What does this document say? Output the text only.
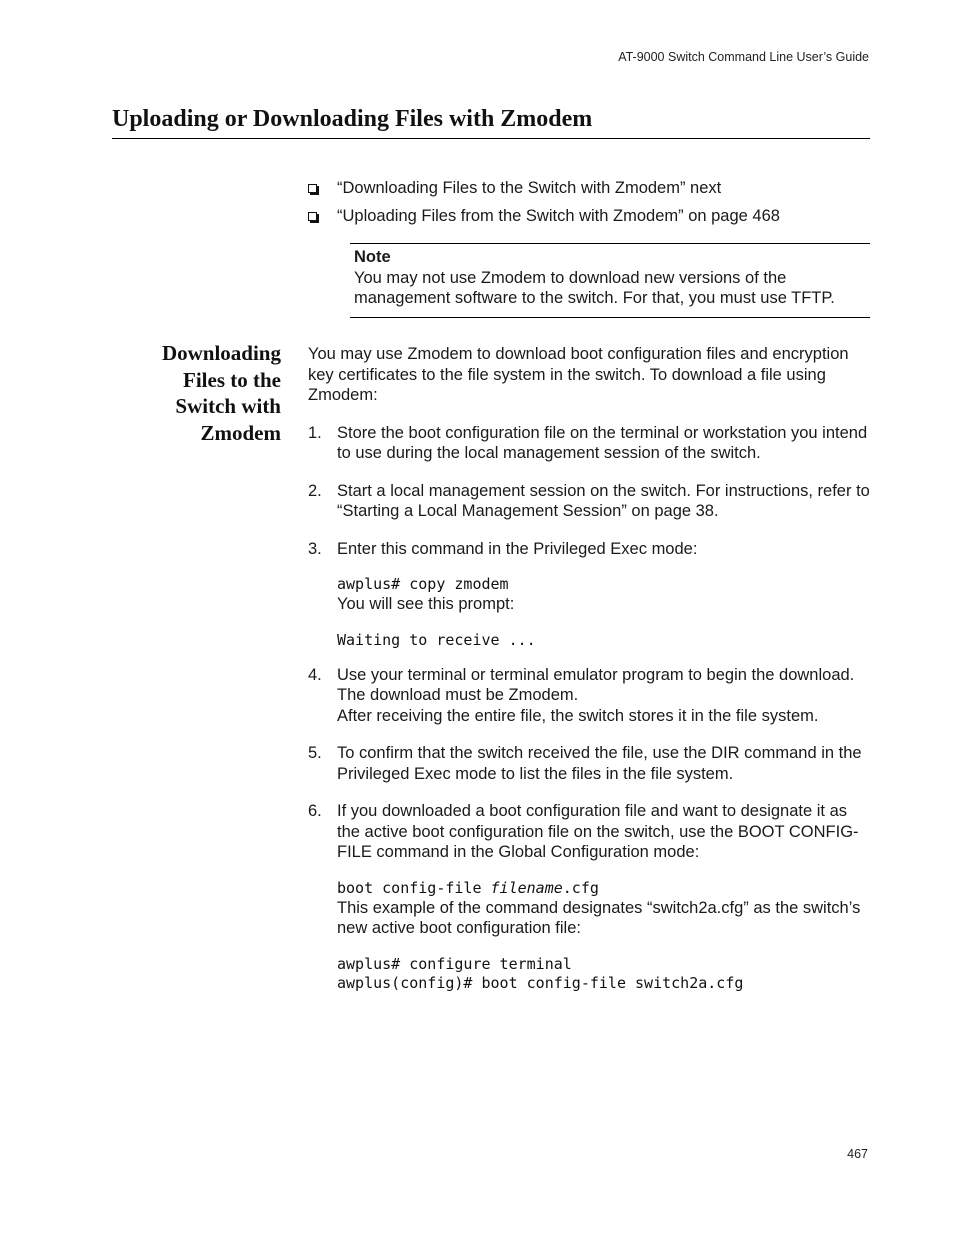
AT-9000 Switch Command Line User’s Guide
Uploading or Downloading Files with Zmodem
“Downloading Files to the Switch with Zmodem” next
“Uploading Files from the Switch with Zmodem” on page 468
Note
You may not use Zmodem to download new versions of the management software to the switch. For that, you must use TFTP.
Downloading
Files to the
Switch with
Zmodem

You may use Zmodem to download boot configuration files and encryption key certificates to the file system in the switch. To download a file using Zmodem:

1. Store the boot configuration file on the terminal or workstation you intend to use during the local management session of the switch.

2. Start a local management session on the switch. For instructions, refer to “Starting a Local Management Session” on page 38.

3. Enter this command in the Privileged Exec mode:

awplus# copy zmodem

You will see this prompt:

Waiting to receive ...
4. Use your terminal or terminal emulator program to begin the download. The download must be Zmodem.

After receiving the entire file, the switch stores it in the file system.

5. To confirm that the switch received the file, use the DIR command in the Privileged Exec mode to list the files in the file system.

6. If you downloaded a boot configuration file and want to designate it as the active boot configuration file on the switch, use the BOOT CONFIG-FILE command in the Global Configuration mode:

boot config-file filename.cfg

This example of the command designates “switch2a.cfg” as the switch’s new active boot configuration file:

awplus# configure terminal
awplus(config)# boot config-file switch2a.cfg
467
